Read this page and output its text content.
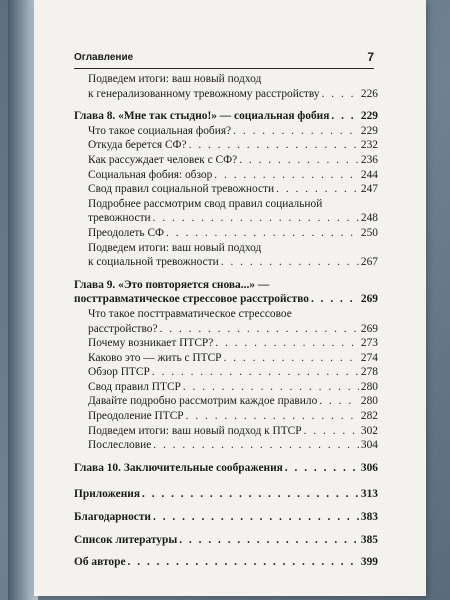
Оглавление	7
Подведем итоги: ваш новый подход
к генерализованному тревожному расстройству . . .	226
Глава 8. «Мне так стыдно!» — социальная фобия . . .	229
Что такое социальная фобия? . . .	229
Откуда берется СФ? . . .	232
Как рассуждает человек с СФ? . . .	236
Социальная фобия: обзор . . .	244
Свод правил социальной тревожности . . .	247
Подробнее рассмотрим свод правил социальной
тревожности . . .	248
Преодолеть СФ . . .	250
Подведем итоги: ваш новый подход
к социальной тревожности . . .	267
Глава 9. «Это повторяется снова...» —
посттравматическое стрессовое расстройство . . .	269
Что такое посттравматическое стрессовое
расстройство? . . .	269
Почему возникает ПТСР? . . .	273
Каково это — жить с ПТСР . . .	274
Обзор ПТСР . . .	278
Свод правил ПТСР . . .	280
Давайте подробно рассмотрим каждое правило . . .	280
Преодоление ПТСР . . .	282
Подведем итоги: ваш новый подход к ПТСР . . .	302
Послесловие . . .	304
Глава 10. Заключительные соображения . . .	306
Приложения . . .	313
Благодарности . . .	383
Список литературы . . .	385
Об авторе . . .	399
